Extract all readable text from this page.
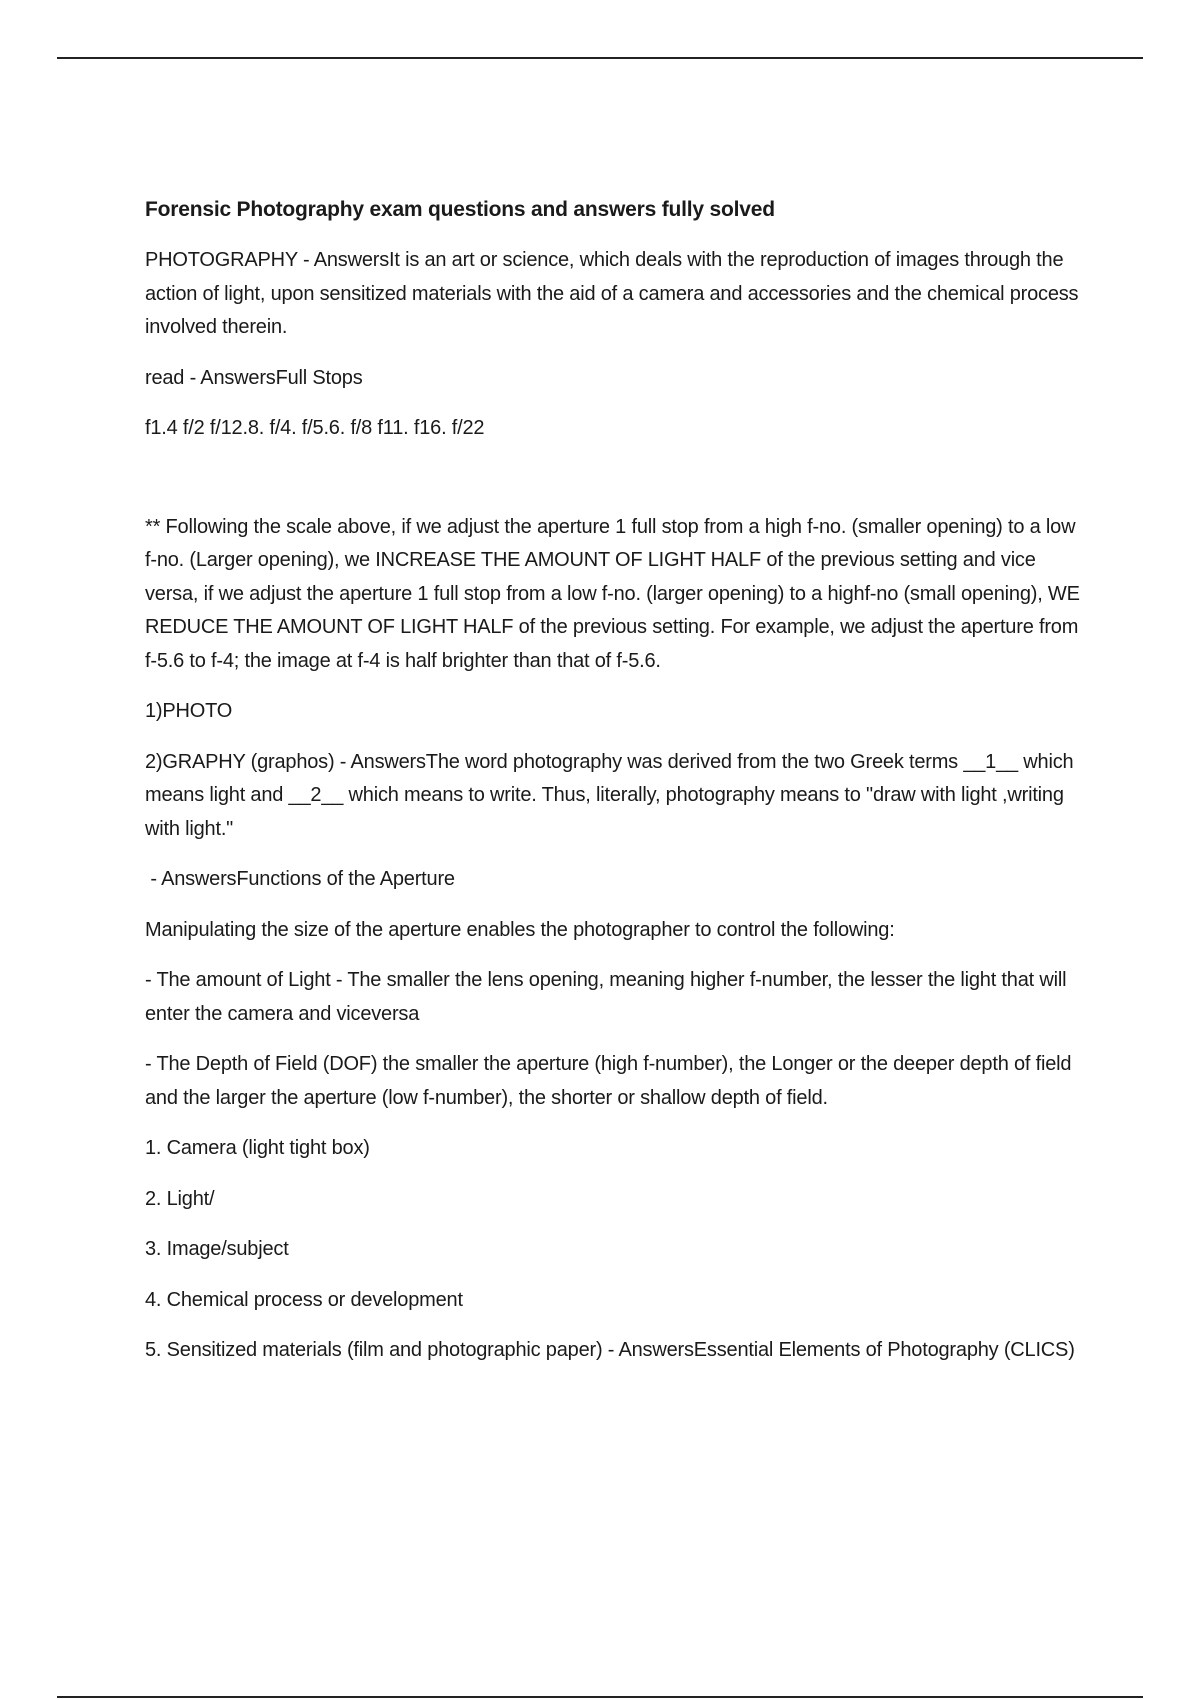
Forensic Photography exam questions and answers fully solved
PHOTOGRAPHY - AnswersIt is an art or science, which deals with the reproduction of images through the action of light, upon sensitized materials with the aid of a camera and accessories and the chemical process involved therein.
read - AnswersFull Stops
f1.4 f/2 f/12.8. f/4. f/5.6. f/8 f11. f16. f/22
** Following the scale above, if we adjust the aperture 1 full stop from a high f-no. (smaller opening) to a low f-no. (Larger opening), we INCREASE THE AMOUNT OF LIGHT HALF of the previous setting and vice versa, if we adjust the aperture 1 full stop from a low f-no. (larger opening) to a highf-no (small opening), WE REDUCE THE AMOUNT OF LIGHT HALF of the previous setting. For example, we adjust the aperture from f-5.6 to f-4; the image at f-4 is half brighter than that of f-5.6.
1)PHOTO
2)GRAPHY (graphos) - AnswersThe word photography was derived from the two Greek terms __1__ which means light and __2__ which means to write. Thus, literally, photography means to "draw with light ,writing with light."
- AnswersFunctions of the Aperture
Manipulating the size of the aperture enables the photographer to control the following:
- The amount of Light - The smaller the lens opening, meaning higher f-number, the lesser the light that will enter the camera and viceversa
- The Depth of Field (DOF) the smaller the aperture (high f-number), the Longer or the deeper depth of field and the larger the aperture (low f-number), the shorter or shallow depth of field.
1. Camera (light tight box)
2. Light/
3. Image/subject
4. Chemical process or development
5. Sensitized materials (film and photographic paper) - AnswersEssential Elements of Photography (CLICS)
